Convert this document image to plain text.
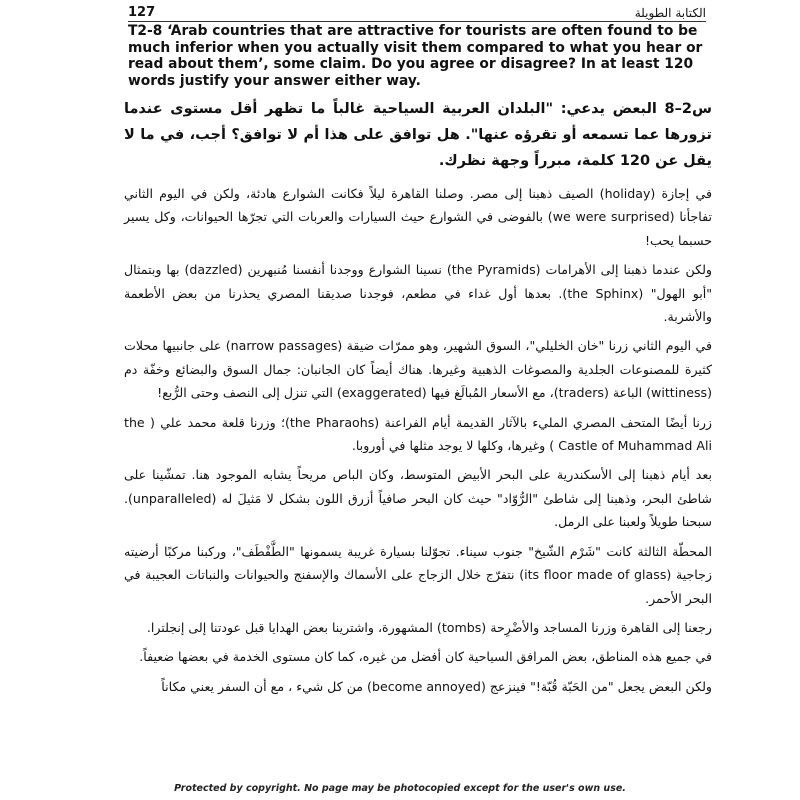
127	الكتابة الطويلة
T2-8 ‘Arab countries that are attractive for tourists are often found to be much inferior when you actually visit them compared to what you hear or read about them’, some claim. Do you agree or disagree? In at least 120 words justify your answer either way.

س2–8 البعض يدعي: "البلدان العربية السياحية غالباً ما تظهر أقل مستوى عندما تزورها عما تسمعه أو تقرؤه عنها". هل توافق على هذا أم لا توافق؟ أجب، في ما لا يقل عن 120 كلمة، مبرراً وجهة نظرك.

في إجازة (holiday) الصيف ذهبنا إلى مصر. وصلنا القاهرة ليلاً فكانت الشوارع هادئة، ولكن في اليوم الثاني تفاجأنا (we were surprised) بالفوضى في الشوارع حيث السيارات والعربات التي تجرّها الحيوانات، وكل يسير حسبما يحب!

ولكن عندما ذهبنا إلى الأهرامات (the Pyramids) نسينا الشوارع ووجدنا أنفسنا مُنبهرين (dazzled) بها وبتمثال "أبو الهول" (the Sphinx). بعدها أول غداء في مطعم، فوجدنا صديقنا المصري يحذرنا من بعض الأطعمة والأشربة.

في اليوم الثاني زرنا "خان الخليلي"، السوق الشهير، وهو ممرّات ضيقة (narrow passages) على جانبيها محلات كثيرة للمصنوعات الجلدية والمصوغات الذهبية وغيرها. هناك أيضاً كان الجانبان: جمال السوق والبضائع وخفّة دم (wittiness) الباعة (traders)، مع الأسعار المُبالَغ فيها (exaggerated) التي تنزل إلى النصف وحتى الرُّبع!

زرنا أيضًا المتحف المصري المليء بالآثار القديمة أيام الفراعنة (the Pharaohs)؛ وزرنا قلعة محمد علي ( the Castle of Muhammad Ali ) وغيرها، وكلها لا يوجد مثلها في أوروبا.

بعد أيام ذهبنا إلى الأسكندرية على البحر الأبيض المتوسط، وكان الباص مريحاً يشابه الموجود هنا. تمشّينا على شاطئ البحر، وذهبنا إلى شاطئ "الرُّوّاد" حيث كان البحر صافياً أزرق اللون بشكل لا مَثيلَ له (unparalleled). سبحنا طويلاً ولعبنا على الرمل.

المحطّة الثالثة كانت "شَرْم الشّيخ" جنوب سيناء. تجوّلنا بسيارة غريبة يسمونها "الطَّفْطَف"، وركبنا مركبًا أرضيته زجاجية (its floor made of glass) نتفرّج خلال الزجاج على الأسماك والإسفنج والحيوانات والنباتات العجيبة في البحر الأحمر.

رجعنا إلى القاهرة وزرنا المساجد والأضْرِحة (tombs) المشهورة، واشترينا بعض الهدايا قبل عودتنا إلى إنجلترا.

في جميع هذه المناطق، بعض المرافق السياحية كان أفضل من غيره، كما كان مستوى الخدمة في بعضها ضعيفاً.

ولكن البعض يجعل "من الحَبّة قُبّة!" فينزعج (become annoyed) من كل شيء ، مع أن السفر يعني مكاناً

Protected by copyright. No page may be photocopied except for the user's own use.
